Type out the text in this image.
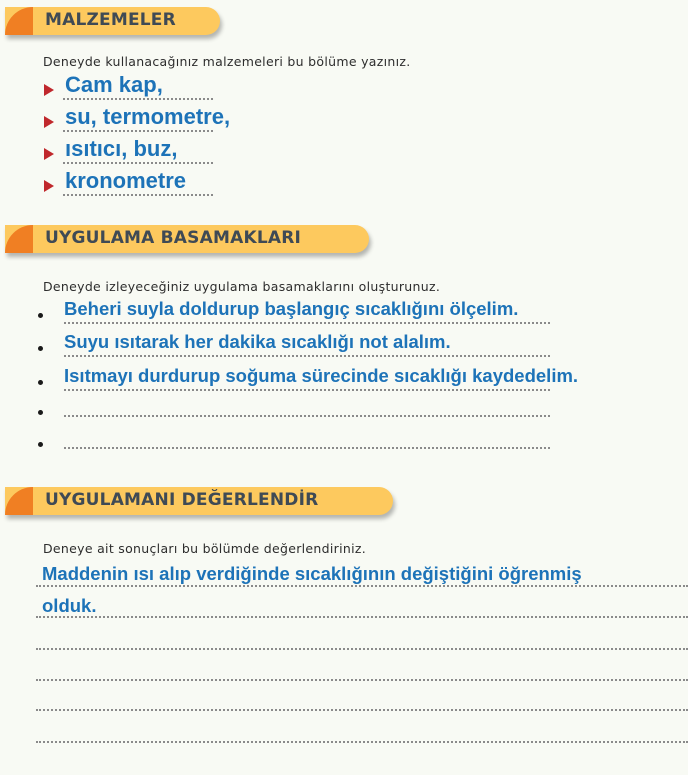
MALZEMELER
Deneyde kullanacağınız malzemeleri bu bölüme yazınız.
Cam kap,
su, termometre,
ısıtıcı, buz,
kronometre
UYGULAMA BASAMAKLARI
Deneyde izleyeceğiniz uygulama basamaklarını oluşturunuz.
Beheri suyla doldurup başlangıç sıcaklığını ölçelim.
Suyu ısıtarak her dakika sıcaklığı not alalım.
Isıtmayı durdurup soğuma sürecinde sıcaklığı kaydedelim.
UYGULAMANI DEĞERLENDİR
Deneye ait sonuçları bu bölümde değerlendiriniz.
Maddenin ısı alıp verdiğinde sıcaklığının değiştiğini öğrenmiş
olduk.
